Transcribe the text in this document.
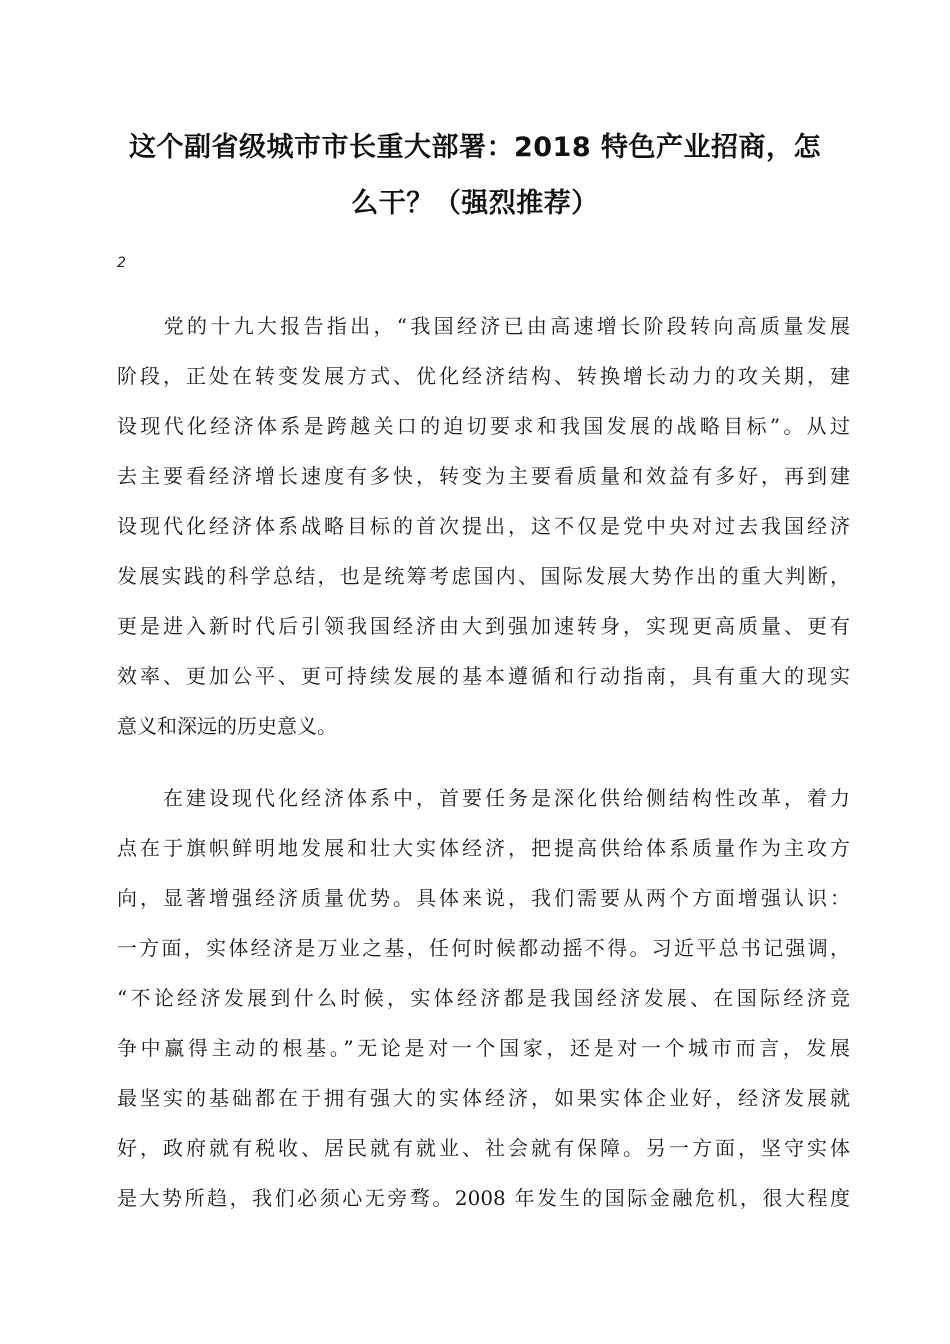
这个副省级城市市长重大部署：2018 特色产业招商，怎
么干？（强烈推荐）
2
　　党的十九大报告指出，“我国经济已由高速增长阶段转向高质量发展
阶段，正处在转变发展方式、优化经济结构、转换增长动力的攻关期，建
设现代化经济体系是跨越关口的迫切要求和我国发展的战略目标”。从过
去主要看经济增长速度有多快，转变为主要看质量和效益有多好，再到建
设现代化经济体系战略目标的首次提出，这不仅是党中央对过去我国经济
发展实践的科学总结，也是统筹考虑国内、国际发展大势作出的重大判断，
更是进入新时代后引领我国经济由大到强加速转身，实现更高质量、更有
效率、更加公平、更可持续发展的基本遵循和行动指南，具有重大的现实
意义和深远的历史意义。
　　在建设现代化经济体系中，首要任务是深化供给侧结构性改革，着力
点在于旗帜鲜明地发展和壮大实体经济，把提高供给体系质量作为主攻方
向，显著增强经济质量优势。具体来说，我们需要从两个方面增强认识：
一方面，实体经济是万业之基，任何时候都动摇不得。习近平总书记强调，
“不论经济发展到什么时候，实体经济都是我国经济发展、在国际经济竞
争中赢得主动的根基。”无论是对一个国家，还是对一个城市而言，发展
最坚实的基础都在于拥有强大的实体经济，如果实体企业好，经济发展就
好，政府就有税收、居民就有就业、社会就有保障。另一方面，坚守实体
是大势所趋，我们必须心无旁骛。2008 年发生的国际金融危机，很大程度
